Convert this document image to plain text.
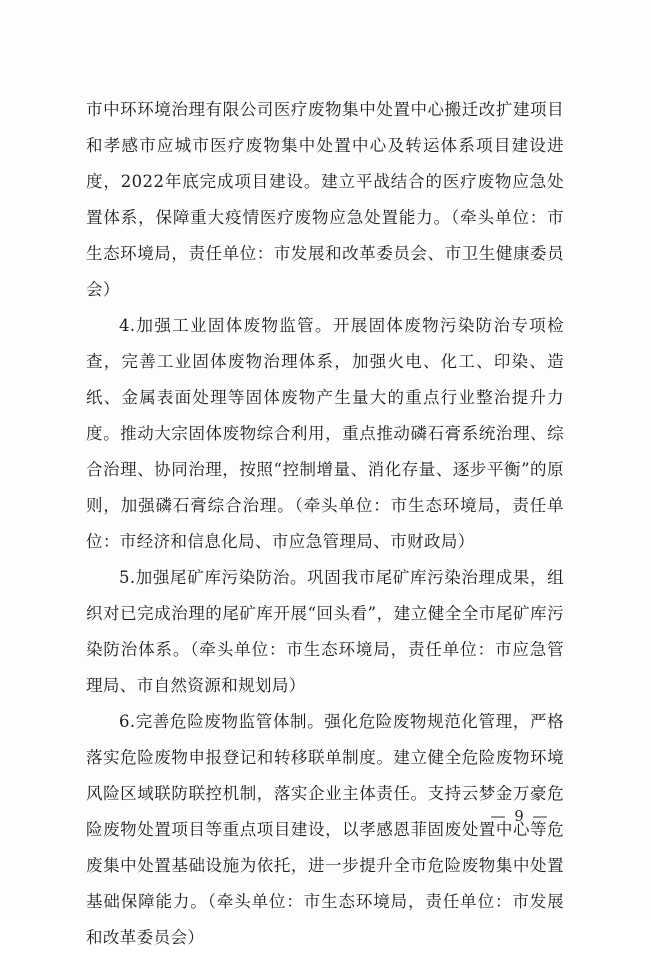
市中环环境治理有限公司医疗废物集中处置中心搬迁改扩建项目和孝感市应城市医疗废物集中处置中心及转运体系项目建设进度，2022年底完成项目建设。建立平战结合的医疗废物应急处置体系，保障重大疫情医疗废物应急处置能力。（牵头单位：市生态环境局，责任单位：市发展和改革委员会、市卫生健康委员会）

4.加强工业固体废物监管。开展固体废物污染防治专项检查，完善工业固体废物治理体系，加强火电、化工、印染、造纸、金属表面处理等固体废物产生量大的重点行业整治提升力度。推动大宗固体废物综合利用，重点推动磷石膏系统治理、综合治理、协同治理，按照“控制增量、消化存量、逐步平衡”的原则，加强磷石膏综合治理。（牵头单位：市生态环境局，责任单位：市经济和信息化局、市应急管理局、市财政局）

5.加强尾矿库污染防治。巩固我市尾矿库污染治理成果，组织对已完成治理的尾矿库开展“回头看”，建立健全全市尾矿库污染防治体系。（牵头单位：市生态环境局，责任单位：市应急管理局、市自然资源和规划局）

6.完善危险废物监管体制。强化危险废物规范化管理，严格落实危险废物申报登记和转移联单制度。建立健全危险废物环境风险区域联防联控机制，落实企业主体责任。支持云梦金万豪危险废物处置项目等重点项目建设，以孝感恩菲固废处置中心等危废集中处置基础设施为依托，进一步提升全市危险废物集中处置基础保障能力。（牵头单位：市生态环境局，责任单位：市发展和改革委员会）

— 9 —
